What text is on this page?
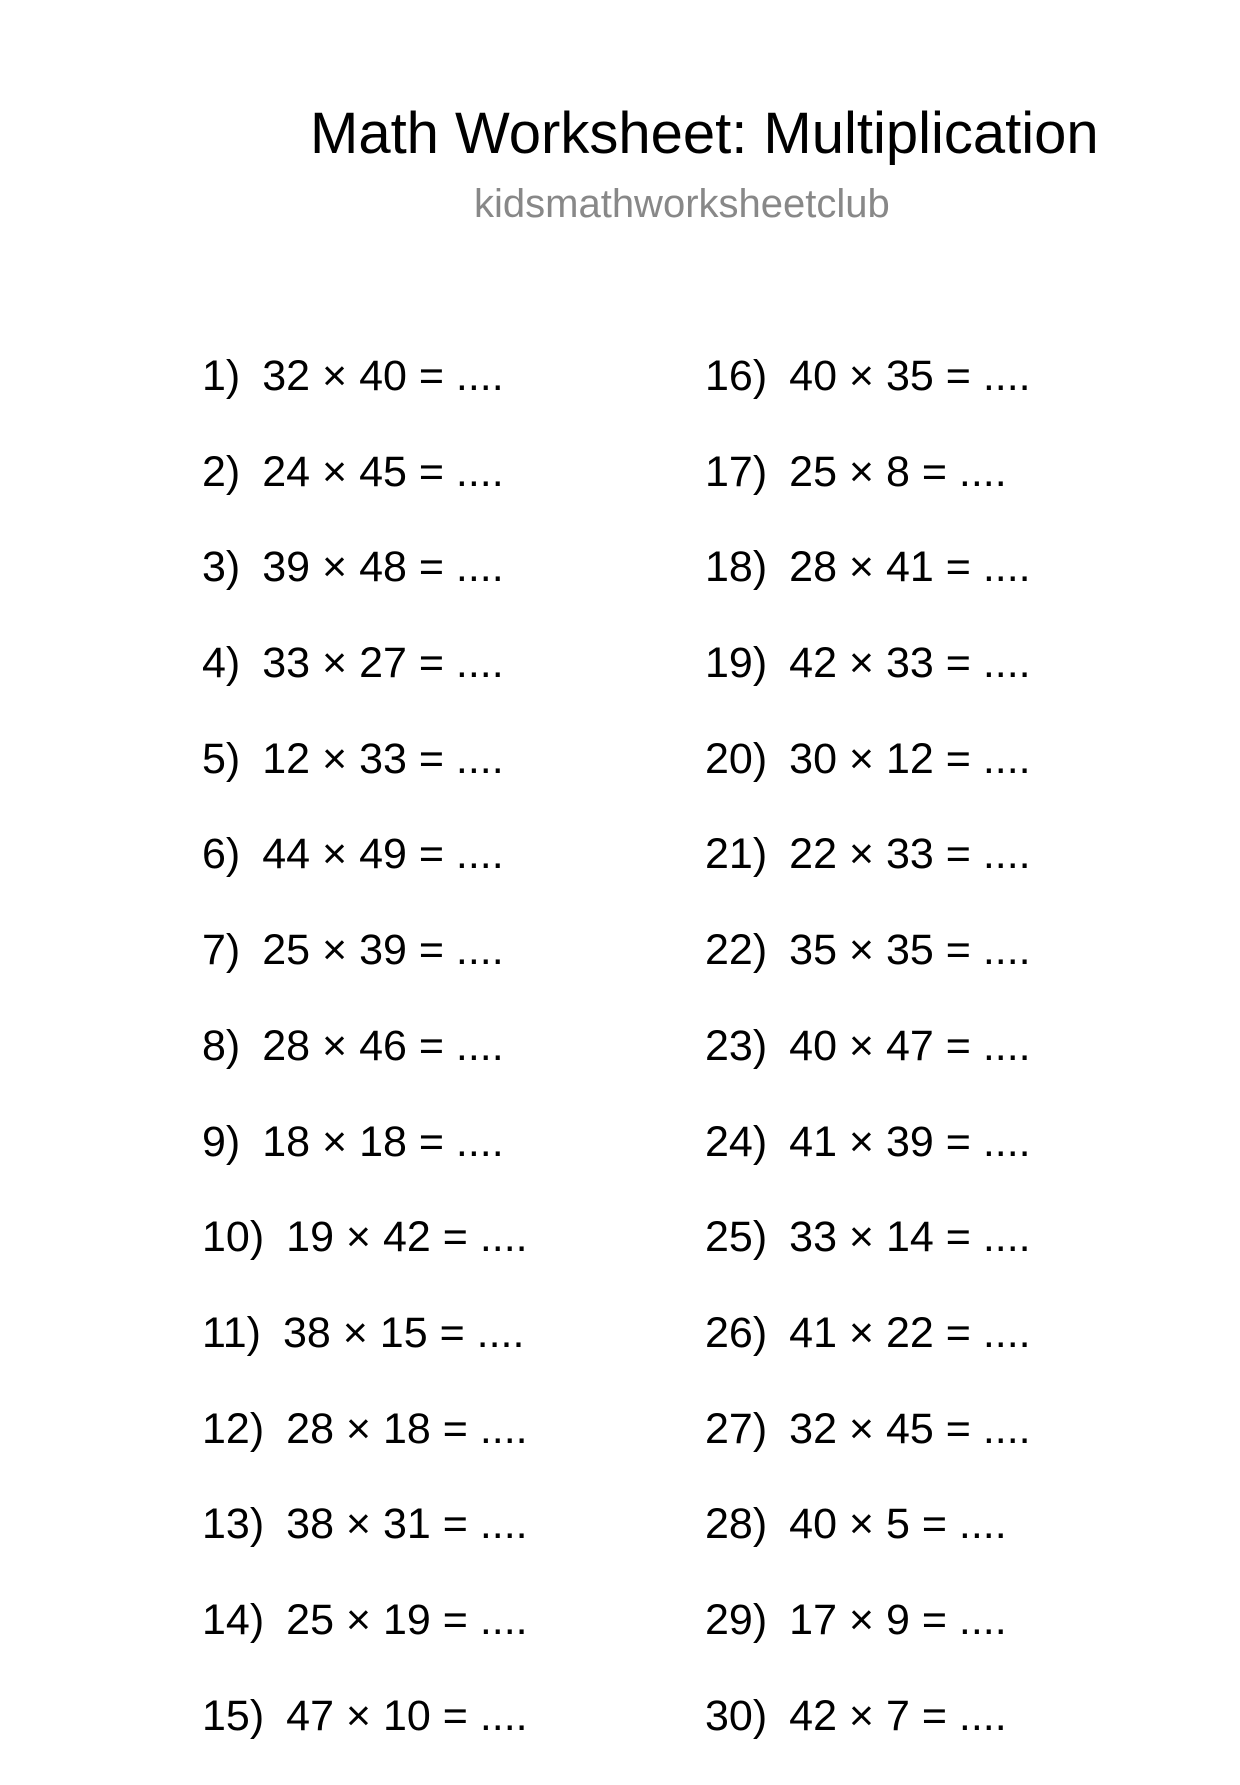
Math Worksheet: Multiplication
kidsmathworksheetclub
1) 32 × 40 = ....
2) 24 × 45 = ....
3) 39 × 48 = ....
4) 33 × 27 = ....
5) 12 × 33 = ....
6) 44 × 49 = ....
7) 25 × 39 = ....
8) 28 × 46 = ....
9) 18 × 18 = ....
10) 19 × 42 = ....
11) 38 × 15 = ....
12) 28 × 18 = ....
13) 38 × 31 = ....
14) 25 × 19 = ....
15) 47 × 10 = ....
16) 40 × 35 = ....
17) 25 × 8 = ....
18) 28 × 41 = ....
19) 42 × 33 = ....
20) 30 × 12 = ....
21) 22 × 33 = ....
22) 35 × 35 = ....
23) 40 × 47 = ....
24) 41 × 39 = ....
25) 33 × 14 = ....
26) 41 × 22 = ....
27) 32 × 45 = ....
28) 40 × 5 = ....
29) 17 × 9 = ....
30) 42 × 7 = ....
